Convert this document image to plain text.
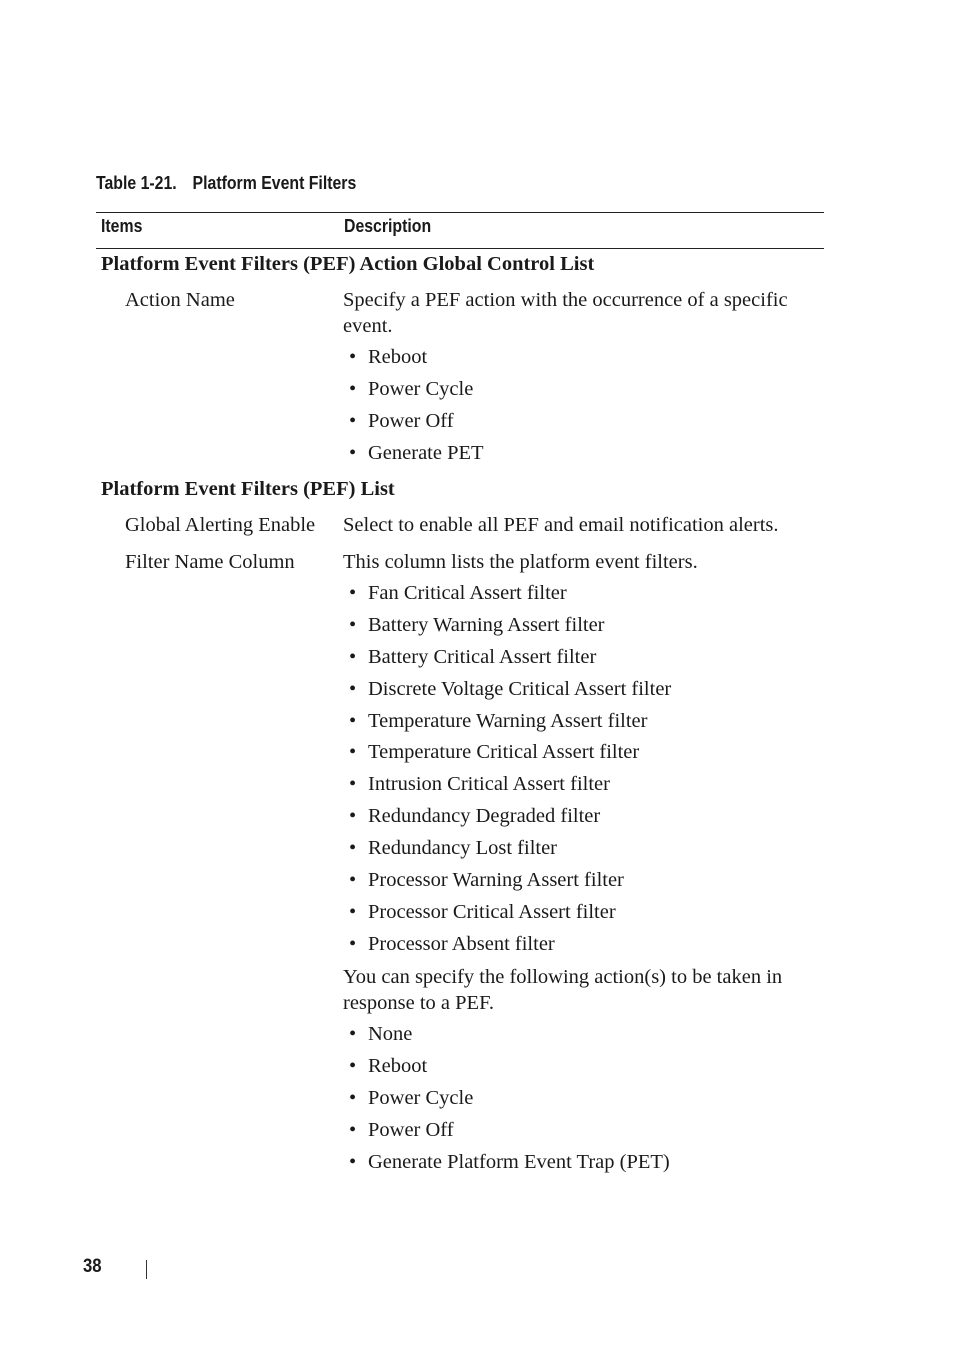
Table 1-21. Platform Event Filters
Items	Description
Platform Event Filters (PEF) Action Global Control List
Action Name	Specify a PEF action with the occurrence of a specific event.
• Reboot
• Power Cycle
• Power Off
• Generate PET
Platform Event Filters (PEF) List
Global Alerting Enable Select to enable all PEF and email notification alerts.
Filter Name Column This column lists the platform event filters.
• Fan Critical Assert filter
• Battery Warning Assert filter
• Battery Critical Assert filter
• Discrete Voltage Critical Assert filter
• Temperature Warning Assert filter
• Temperature Critical Assert filter
• Intrusion Critical Assert filter
• Redundancy Degraded filter
• Redundancy Lost filter
• Processor Warning Assert filter
• Processor Critical Assert filter
• Processor Absent filter
You can specify the following action(s) to be taken in response to a PEF.
• None
• Reboot
• Power Cycle
• Power Off
• Generate Platform Event Trap (PET)
38
